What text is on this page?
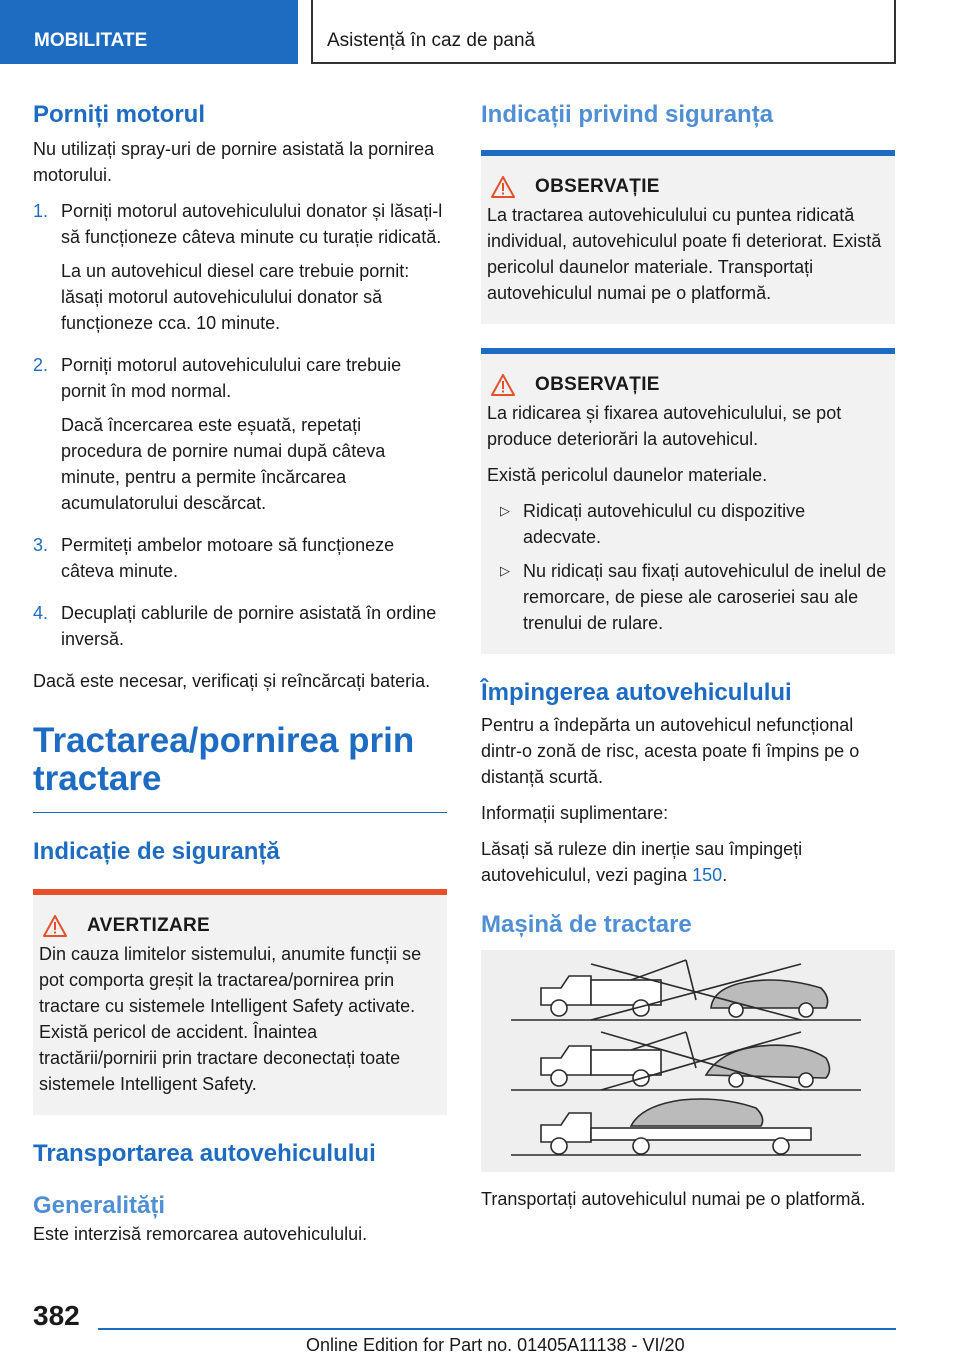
MOBILITATE	Asistență în caz de pană
Porniți motorul

Nu utilizați spray-uri de pornire asistată la pornirea motorului.

1. Porniți motorul autovehiculului donator și lăsați-l să funcționeze câteva minute cu turație ridicată.

La un autovehicul diesel care trebuie pornit: lăsați motorul autovehiculului donator să funcționeze cca. 10 minute.

2. Porniți motorul autovehiculului care trebuie pornit în mod normal.

Dacă încercarea este eșuată, repetați procedura de pornire numai după câteva minute, pentru a permite încărcarea acumulatorului descărcat.

3. Permiteți ambelor motoare să funcționeze câteva minute.

4. Decuplați cablurile de pornire asistată în ordine inversă.

Dacă este necesar, verificați și reîncărcați bateria.

Tractarea/pornirea prin tractare
Indicație de siguranță
AVERTIZARE

Din cauza limitelor sistemului, anumite funcții se pot comporta greșit la tractarea/pornirea prin tractare cu sistemele Intelligent Safety activate. Există pericol de accident. Înaintea tractării/pornirii prin tractare deconectați toate sistemele Intelligent Safety.

Transportarea autovehiculului
Generalități

Este interzisă remorcarea autovehiculului.

Indicații privind siguranța
OBSERVAȚIE

La tractarea autovehiculului cu puntea ridicată individual, autovehiculul poate fi deteriorat. Există pericolul daunelor materiale. Transportați autovehiculul numai pe o platformă.

OBSERVAȚIE

La ridicarea și fixarea autovehiculului, se pot produce deteriorări la autovehicul.

Există pericolul daunelor materiale.

▷ Ridicați autovehiculul cu dispozitive adecvate.
▷ Nu ridicați sau fixați autovehiculul de inelul de remorcare, de piese ale caroseriei sau ale trenului de rulare.
Împingerea autovehiculului

Pentru a îndepărta un autovehicul nefuncțional dintr-o zonă de risc, acesta poate fi împins pe o distanță scurtă.

Informații suplimentare:

Lăsați să ruleze din inerție sau împingeți autovehiculul, vezi pagina 150.

Mașină de tractare

Transportați autovehiculul numai pe o platformă.

382
Online Edition for Part no. 01405A11138 - VI/20
